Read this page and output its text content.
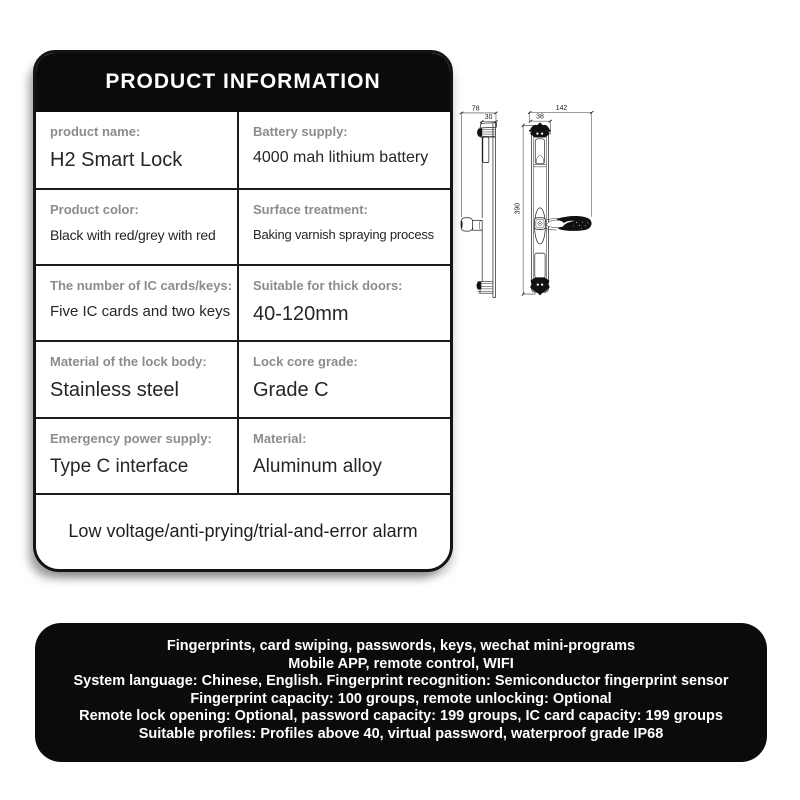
PRODUCT INFORMATION
product name:
H2 Smart Lock
Battery supply:
4000 mah lithium battery
Product color:
Black with red/grey with red
Surface treatment:
Baking varnish spraying process
The number of IC cards/keys:
Five IC cards and two keys
Suitable for thick doors:
40-120mm
Material of the lock body:
Stainless steel
Lock core grade:
Grade C
Emergency power supply:
Type C interface
Material:
Aluminum alloy
Low voltage/anti-prying/trial-and-error alarm
78
30
142
38
390
Fingerprints, card swiping, passwords, keys, wechat mini-programs
Mobile APP, remote control, WIFI
System language: Chinese, English. Fingerprint recognition: Semiconductor fingerprint sensor
Fingerprint capacity: 100 groups, remote unlocking: Optional
Remote lock opening: Optional, password capacity: 199 groups, IC card capacity: 199 groups
Suitable profiles: Profiles above 40, virtual password, waterproof grade IP68
